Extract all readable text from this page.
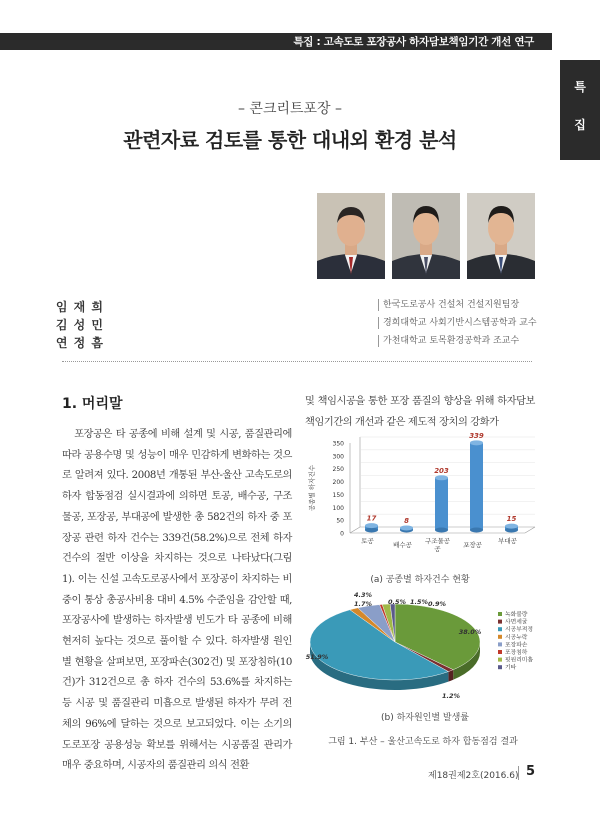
특집 : 고속도로 포장공사 하자담보책임기간 개선 연구
특
집
– 콘크리트포장 –
관련자료 검토를 통한 대내외 환경 분석
임 재 희	한국도로공사 건설처 건설지원팀장
김 성 민	경희대학교 사회기반시스템공학과 교수
연 정 흠	가천대학교 토목환경공학과 조교수
1. 머리말

포장공은 타 공종에 비해 설계 및 시공, 품질관리에 따라 공용수명 및 성능이 매우 민감하게 변화하는 것으로 알려져 있다. 2008년 개통된 부산-울산 고속도로의 하자 합동점검 실시결과에 의하면 토공, 배수공, 구조물공, 포장공, 부대공에 발생한 총 582건의 하자 중 포장공 관련 하자 건수는 339건(58.2%)으로 전체 하자 건수의 절반 이상을 차지하는 것으로 나타났다(그림 1). 이는 신설 고속도로공사에서 포장공이 차지하는 비중이 통상 총공사비용 대비 4.5% 수준임을 감안할 때, 포장공사에 발생하는 하자발생 빈도가 타 공종에 비해 현저히 높다는 것으로 풀이할 수 있다. 하자발생 원인별 현황을 살펴보면, 포장파손(302건) 및 포장침하(10건)가 312건으로 총 하자 건수의 53.6%를 차지하는 등 시공 및 품질관리 미흡으로 발생된 하자가 무려 전체의 96%에 달하는 것으로 보고되었다. 이는 소기의 도로포장 공용성능 확보를 위해서는 시공품질 관리가 매우 중요하며, 시공자의 품질관리 의식 전환

및 책임시공을 통한 포장 품질의 향상을 위해 하자담보책임기간의 개선과 같은 제도적 장치의 강화가
0
50
100
150
200
250
300
350
공종별 하자건수
17
토공
8
배수공
203
구조물공
공
339
포장공
15
부대공
(a) 공종별 하자건수 현황
38.0%
1.2%
51.9%
1.7%
4.3%
0.5% 1.5% 0.9%
녹화불량
사면세굴
시공부적정
시공누락
포장파손
포장침하
핏원리미흡
기타
(b) 하자원인별 발생률
그림 1. 부산 – 울산고속도로 하자 합동점검 결과
제18권제2호(2016.6) 5
